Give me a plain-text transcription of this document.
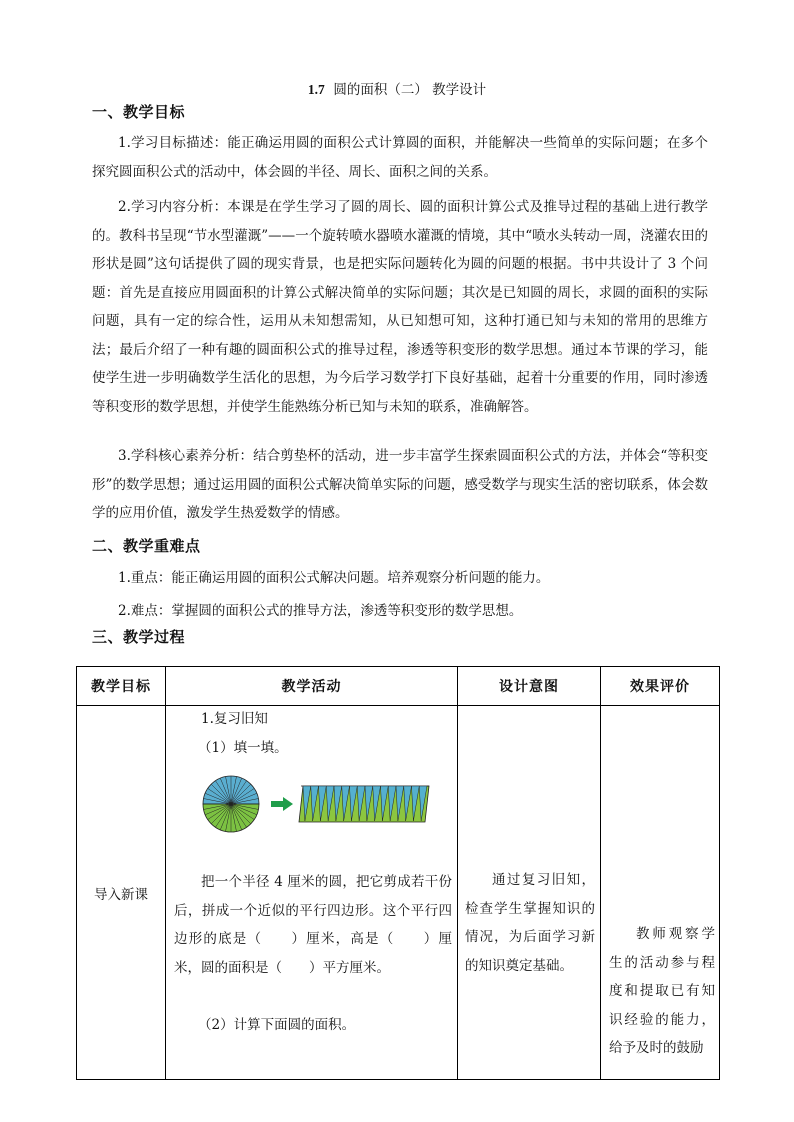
1.7 圆的面积（二） 教学设计
一、教学目标
1.学习目标描述：能正确运用圆的面积公式计算圆的面积，并能解决一些简单的实际问题；在多个探究圆面积公式的活动中，体会圆的半径、周长、面积之间的关系。
2.学习内容分析：本课是在学生学习了圆的周长、圆的面积计算公式及推导过程的基础上进行教学的。教科书呈现“节水型灌溉”——一个旋转喷水器喷水灌溉的情境，其中“喷水头转动一周，浇灌农田的形状是圆”这句话提供了圆的现实背景，也是把实际问题转化为圆的问题的根据。书中共设计了 3 个问题：首先是直接应用圆面积的计算公式解决简单的实际问题；其次是已知圆的周长，求圆的面积的实际问题，具有一定的综合性，运用从未知想需知，从已知想可知，这种打通已知与未知的常用的思维方法；最后介绍了一种有趣的圆面积公式的推导过程，渗透等积变形的数学思想。通过本节课的学习，能使学生进一步明确数学生活化的思想，为今后学习数学打下良好基础，起着十分重要的作用，同时渗透等积变形的数学思想，并使学生能熟练分析已知与未知的联系，准确解答。
3.学科核心素养分析：结合剪垫杯的活动，进一步丰富学生探索圆面积公式的方法，并体会“等积变形”的数学思想；通过运用圆的面积公式解决简单实际的问题，感受数学与现实生活的密切联系，体会数学的应用价值，激发学生热爱数学的情感。
二、教学重难点
1.重点：能正确运用圆的面积公式解决问题。培养观察分析问题的能力。
2.难点：掌握圆的面积公式的推导方法，渗透等积变形的数学思想。
三、教学过程
教学目标	教学活动	设计意图	效果评价
导入新课	1.复习旧知
（1）填一填。
把一个半径 4 厘米的圆，把它剪成若干份后，拼成一个近似的平行四边形。这个平行四边形的底是（　　）厘米，高是（　　）厘米，圆的面积是（　　）平方厘米。
（2）计算下面圆的面积。	通过复习旧知，检查学生掌握知识的情况，为后面学习新的知识奠定基础。	教师观察学生的活动参与程度和提取已有知识经验的能力，给予及时的鼓励
